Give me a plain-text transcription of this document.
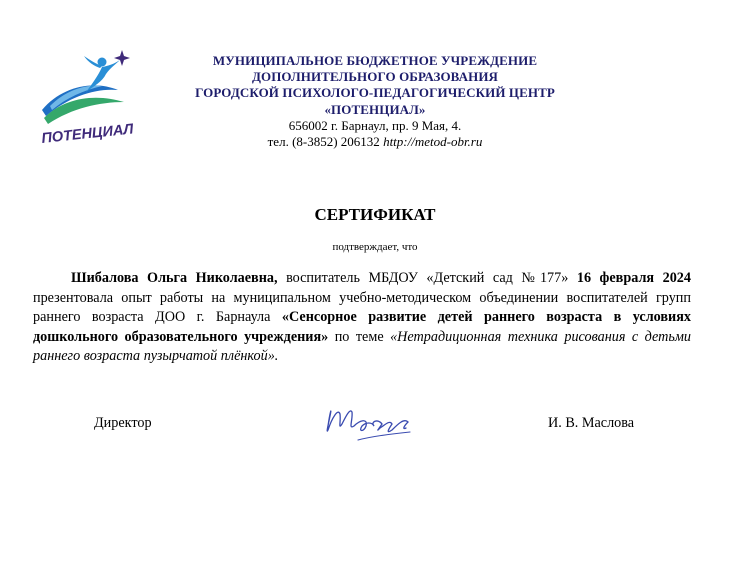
ПОТЕНЦИАЛ
МУНИЦИПАЛЬНОЕ БЮДЖЕТНОЕ УЧРЕЖДЕНИЕ
ДОПОЛНИТЕЛЬНОГО ОБРАЗОВАНИЯ
ГОРОДСКОЙ ПСИХОЛОГО-ПЕДАГОГИЧЕСКИЙ ЦЕНТР
«ПОТЕНЦИАЛ»
656002 г. Барнаул, пр. 9 Мая, 4.
тел. (8-3852) 206132 http://metod-obr.ru
СЕРТИФИКАТ
подтверждает, что
Шибалова Ольга Николаевна, воспитатель МБДОУ «Детский сад №177» 16 февраля 2024 презентовала опыт работы на муниципальном учебно-методическом объединении воспитателей групп раннего возраста ДОО г. Барнаула «Сенсорное развитие детей раннего возраста в условиях дошкольного образовательного учреждения» по теме «Нетрадиционная техника рисования с детьми раннего возраста пузырчатой плёнкой».
Директор	И. В. Маслова
